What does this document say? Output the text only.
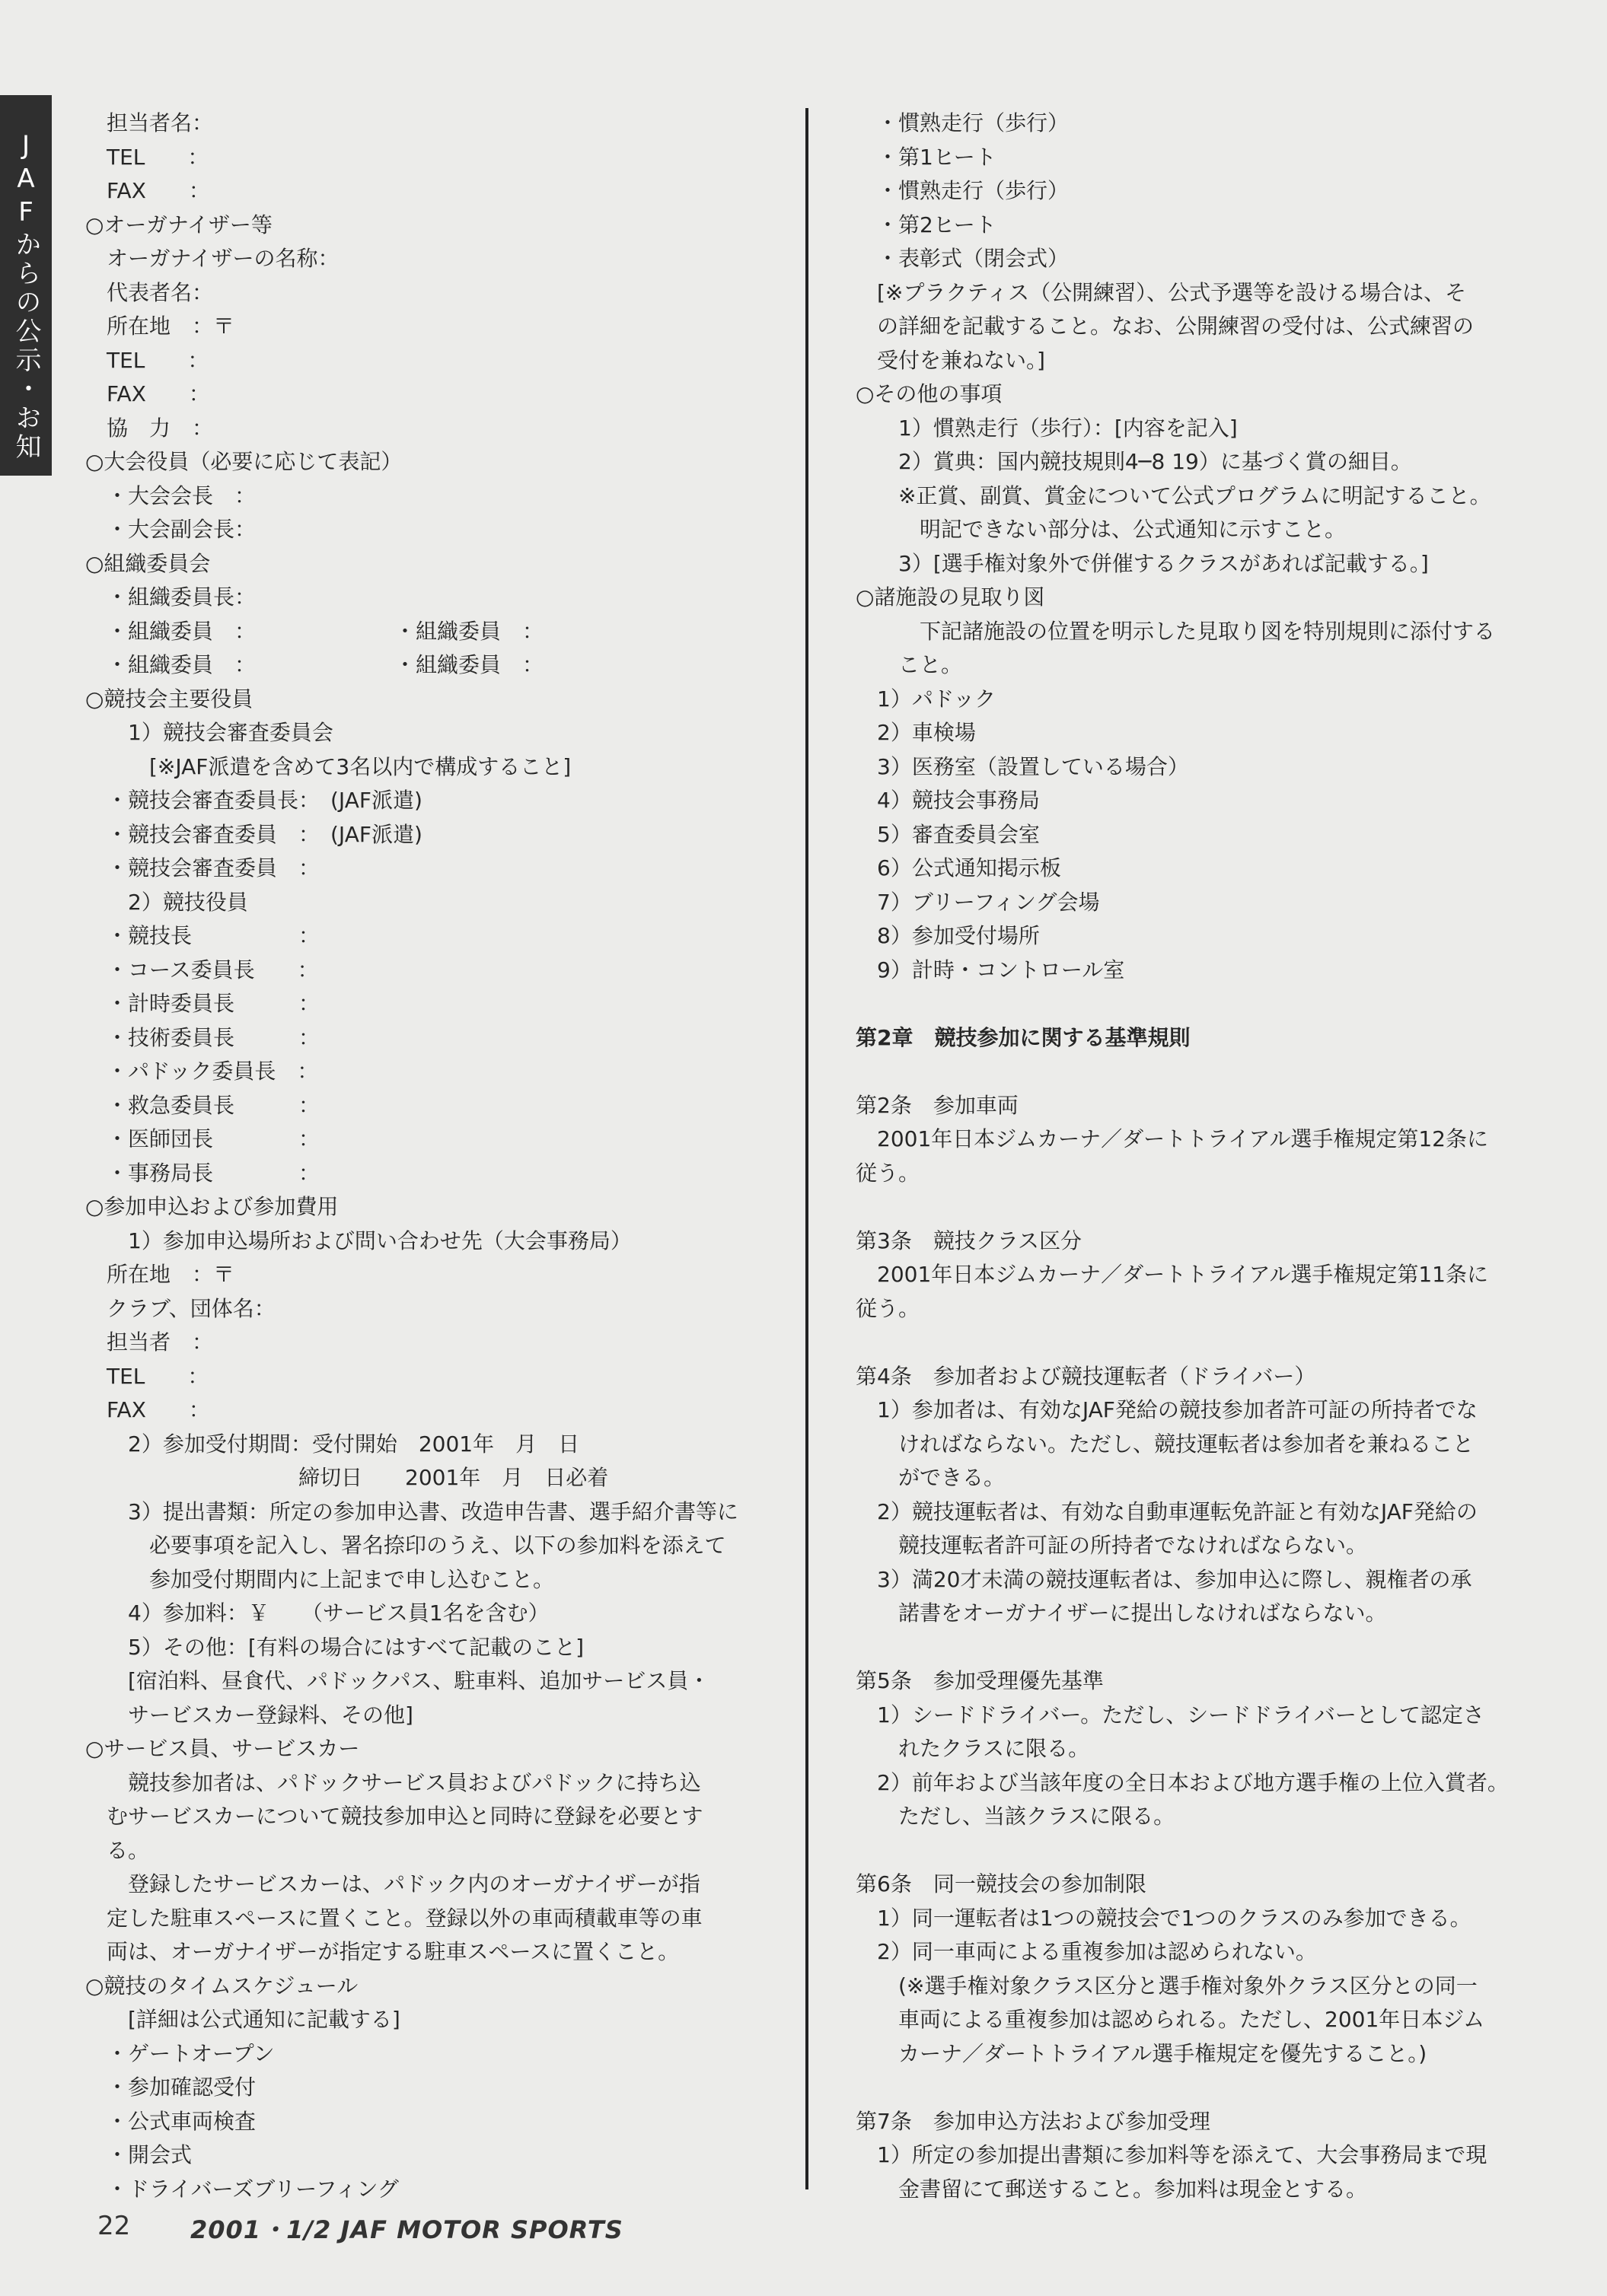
JAFからの公示・お知
　担当者名：
　TEL　　：
　FAX　　：
○オーガナイザー等
　オーガナイザーの名称：
　代表者名：
　所在地　：〒
　TEL　　：
　FAX　　：
　協　力　：
○大会役員（必要に応じて表記）
　・大会会長　：
　・大会副会長：
○組織委員会
　・組織委員長：
　・組織委員　：　　　　　　　・組織委員　：
　・組織委員　：　　　　　　　・組織委員　：
○競技会主要役員
　　1）競技会審査委員会
　　　[※JAF派遣を含めて3名以内で構成すること]
　・競技会審査委員長：　(JAF派遣)
　・競技会審査委員　：　(JAF派遣)
　・競技会審査委員　：
　　2）競技役員
　・競技長　　　　　：
　・コース委員長　　：
　・計時委員長　　　：
　・技術委員長　　　：
　・パドック委員長　：
　・救急委員長　　　：
　・医師団長　　　　：
　・事務局長　　　　：
○参加申込および参加費用
　　1）参加申込場所および問い合わせ先（大会事務局）
　所在地　：〒
　クラブ、団体名：
　担当者　：
　TEL　　：
　FAX　　：
　　2）参加受付期間：受付開始　2001年　月　日
　　　　　　　　　　締切日　　2001年　月　日必着
　　3）提出書類：所定の参加申込書、改造申告書、選手紹介書等に
　　　必要事項を記入し、署名捺印のうえ、以下の参加料を添えて
　　　参加受付期間内に上記まで申し込むこと。
　　4）参加料：￥　　（サービス員1名を含む）
　　5）その他：[有料の場合にはすべて記載のこと]
　　[宿泊料、昼食代、パドックパス、駐車料、追加サービス員・
　　サービスカー登録料、その他]
○サービス員、サービスカー
　　競技参加者は、パドックサービス員およびパドックに持ち込
　むサービスカーについて競技参加申込と同時に登録を必要とす
　る。
　　登録したサービスカーは、パドック内のオーガナイザーが指
　定した駐車スペースに置くこと。登録以外の車両積載車等の車
　両は、オーガナイザーが指定する駐車スペースに置くこと。
○競技のタイムスケジュール
　　[詳細は公式通知に記載する]
　・ゲートオープン
　・参加確認受付
　・公式車両検査
　・開会式
　・ドライバーズブリーフィング
　・慣熟走行（歩行）
　・第1ヒート
　・慣熟走行（歩行）
　・第2ヒート
　・表彰式（閉会式）
　[※プラクティス（公開練習）、公式予選等を設ける場合は、そ
　の詳細を記載すること。なお、公開練習の受付は、公式練習の
　受付を兼ねない。]
○その他の事項
　　1）慣熟走行（歩行）：[内容を記入]
　　2）賞典：国内競技規則4─8 19）に基づく賞の細目。
　　※正賞、副賞、賞金について公式プログラムに明記すること。
　　　明記できない部分は、公式通知に示すこと。
　　3）[選手権対象外で併催するクラスがあれば記載する。]
○諸施設の見取り図
　　　下記諸施設の位置を明示した見取り図を特別規則に添付する
　　こと。
　1）パドック
　2）車検場
　3）医務室（設置している場合）
　4）競技会事務局
　5）審査委員会室
　6）公式通知掲示板
　7）ブリーフィング会場
　8）参加受付場所
　9）計時・コントロール室
第2章　競技参加に関する基準規則
第2条　参加車両
　2001年日本ジムカーナ／ダートトライアル選手権規定第12条に
従う。
第3条　競技クラス区分
　2001年日本ジムカーナ／ダートトライアル選手権規定第11条に
従う。
第4条　参加者および競技運転者（ドライバー）
　1）参加者は、有効なJAF発給の競技参加者許可証の所持者でな
　　ければならない。ただし、競技運転者は参加者を兼ねること
　　ができる。
　2）競技運転者は、有効な自動車運転免許証と有効なJAF発給の
　　競技運転者許可証の所持者でなければならない。
　3）満20才未満の競技運転者は、参加申込に際し、親権者の承
　　諾書をオーガナイザーに提出しなければならない。
第5条　参加受理優先基準
　1）シードドライバー。ただし、シードドライバーとして認定さ
　　れたクラスに限る。
　2）前年および当該年度の全日本および地方選手権の上位入賞者。
　　ただし、当該クラスに限る。
第6条　同一競技会の参加制限
　1）同一運転者は1つの競技会で1つのクラスのみ参加できる。
　2）同一車両による重複参加は認められない。
　　(※選手権対象クラス区分と選手権対象外クラス区分との同一
　　車両による重複参加は認められる。ただし、2001年日本ジム
　　カーナ／ダートトライアル選手権規定を優先すること。)
第7条　参加申込方法および参加受理
　1）所定の参加提出書類に参加料等を添えて、大会事務局まで現
　　金書留にて郵送すること。参加料は現金とする。
22 2001・1/2 JAF MOTOR SPORTS
